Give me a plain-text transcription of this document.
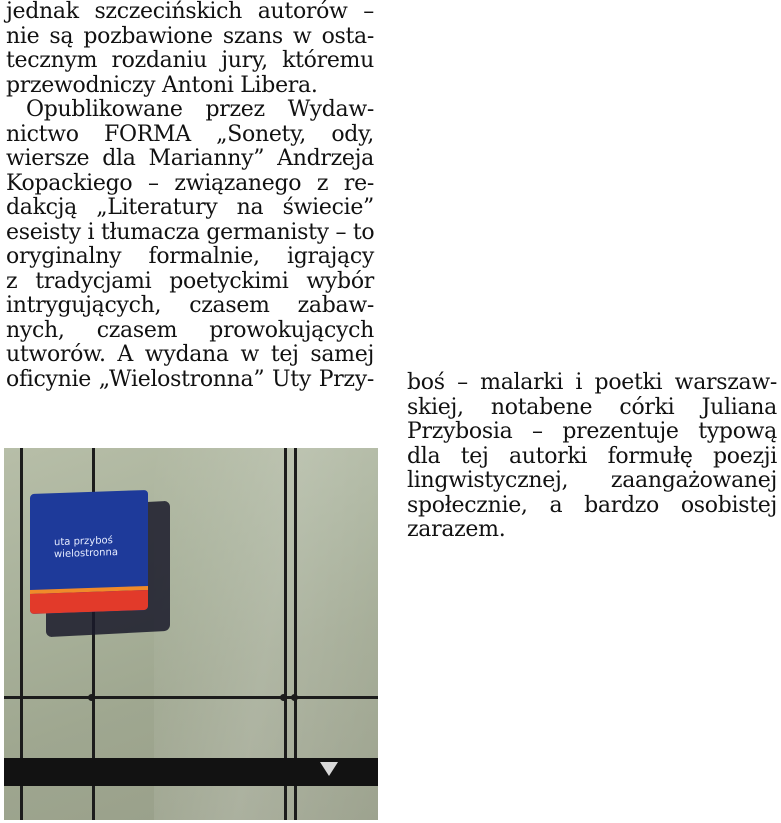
jednak szczecińskich autorów –
nie są pozbawione szans w osta-
tecznym rozdaniu jury, któremu
przewodniczy Antoni Libera.
Opublikowane przez Wydaw-
nictwo FORMA „Sonety, ody,
wiersze dla Marianny” Andrzeja
Kopackiego – związanego z re-
dakcją „Literatury na świecie”
eseisty i tłumacza germanisty – to
oryginalny formalnie, igrający
z tradycjami poetyckimi wybór
intrygujących, czasem zabaw-
nych, czasem prowokujących
utworów. A wydana w tej samej
oficynie „Wielostronna” Uty Przy- boś – malarki i poetki warszaw-
skiej, notabene córki Juliana
Przybosia – prezentuje typową
dla tej autorki formułę poezji
lingwistycznej, zaangażowanej
społecznie, a bardzo osobistej
zarazem.
uta przyboś
wielostronna
